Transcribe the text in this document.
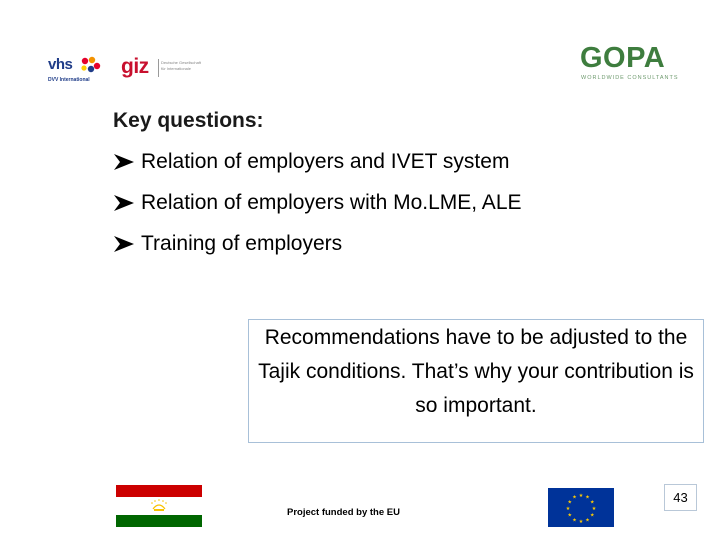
vhs
DVV International
giz	Deutsche Gesellschaft
für Internationale	GOPA
WORLDWIDE CONSULTANTS
Key questions:
Relation of employers and IVET system
Relation of employers with Mo.LME, ALE
Training of employers
Recommendations have to be adjusted to the Tajik conditions. That’s why your contribution is so important.
Project funded by the EU
★ ★
★
★
★
★
★
★
★
★
★
★	43
